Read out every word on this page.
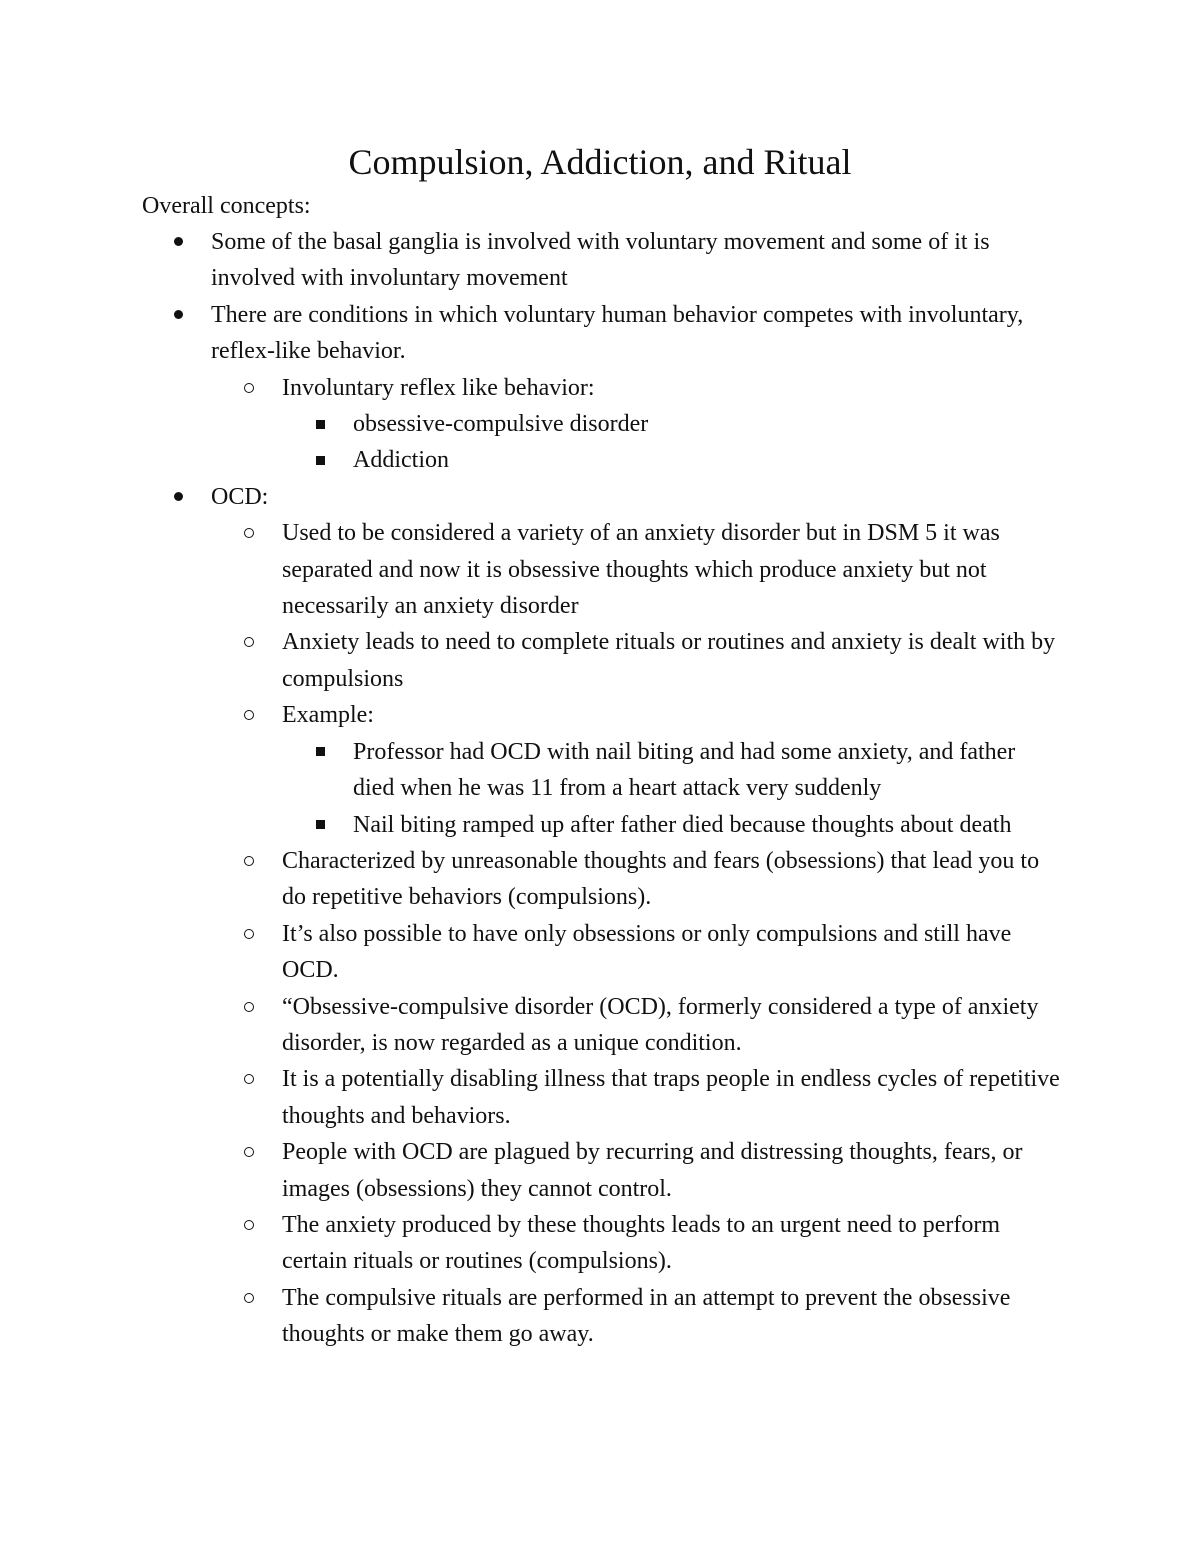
Compulsion, Addiction, and Ritual

Overall concepts:

Some of the basal ganglia is involved with voluntary movement and some of it is involved with involuntary movement
There are conditions in which voluntary human behavior competes with involuntary, reflex-like behavior.
Involuntary reflex like behavior:
obsessive-compulsive disorder
Addiction
OCD:
Used to be considered a variety of an anxiety disorder but in DSM 5 it was separated and now it is obsessive thoughts which produce anxiety but not necessarily an anxiety disorder
Anxiety leads to need to complete rituals or routines and anxiety is dealt with by compulsions
Example:
Professor had OCD with nail biting and had some anxiety, and father died when he was 11 from a heart attack very suddenly
Nail biting ramped up after father died because thoughts about death
Characterized by unreasonable thoughts and fears (obsessions) that lead you to do repetitive behaviors (compulsions).
It’s also possible to have only obsessions or only compulsions and still have OCD.
“Obsessive-compulsive disorder (OCD), formerly considered a type of anxiety disorder, is now regarded as a unique condition.
It is a potentially disabling illness that traps people in endless cycles of repetitive thoughts and behaviors.
People with OCD are plagued by recurring and distressing thoughts, fears, or images (obsessions) they cannot control.
The anxiety produced by these thoughts leads to an urgent need to perform certain rituals or routines (compulsions).
The compulsive rituals are performed in an attempt to prevent the obsessive thoughts or make them go away.
